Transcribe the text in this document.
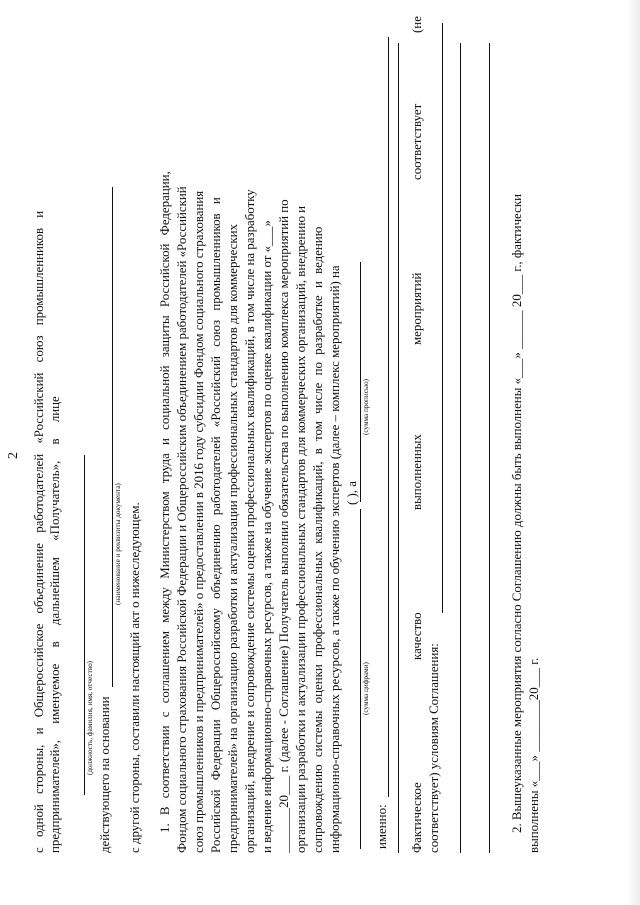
2 с одной стороны, и Общероссийское объединение работодателей «Российский союз промышленников и предпринимателей», именуемое в дальнейшем «Получатель», в лице	(должность, фамилия, имя, отчество) действующего на основании
(наименование и реквизиты документа) с другой стороны, составили настоящий акт о нижеследующем. 1. В соответствии с соглашением между Министерством труда и социальной защиты Российской Федерации, Фондом социального страхования Российской Федерации и Общероссийским объединением работодателей «Российский союз промышленников и предпринимателей» о предоставлении в 2016 году субсидии Фондом социального страхования Российской Федерации Общероссийскому объединению работодателей «Российский союз промышленников и предпринимателей» на организацию разработки и актуализации профессиональных стандартов для коммерческих организаций, внедрение и сопровождение системы оценки профессиональных квалификаций, в том числе на разработку и ведение информационно-справочных ресурсов, а также на обучение экспертов по оценке квалификации от «___» _______20___ г. (далее - Соглашение) Получатель выполнил обязательства по выполнению комплекса мероприятий по организации разработки и актуализации профессиональных стандартов для коммерческих организаций, внедрению и сопровождению системы оценки профессиональных квалификаций, в том числе по разработке и ведению информационно-справочных ресурсов, а также по обучению экспертов (далее – комплекс мероприятий) на ( ), а
(сумма цифрами)
(сумма прописью)
именно: Фактическое
качество
выполненных
мероприятий
соответствует
(не
соответствует) условиям Соглашения:	2. Вышеуказанные мероприятия согласно Соглашению должны быть выполнены «___» ______ 20___ г., фактически выполнены «___» ________20___ г.
